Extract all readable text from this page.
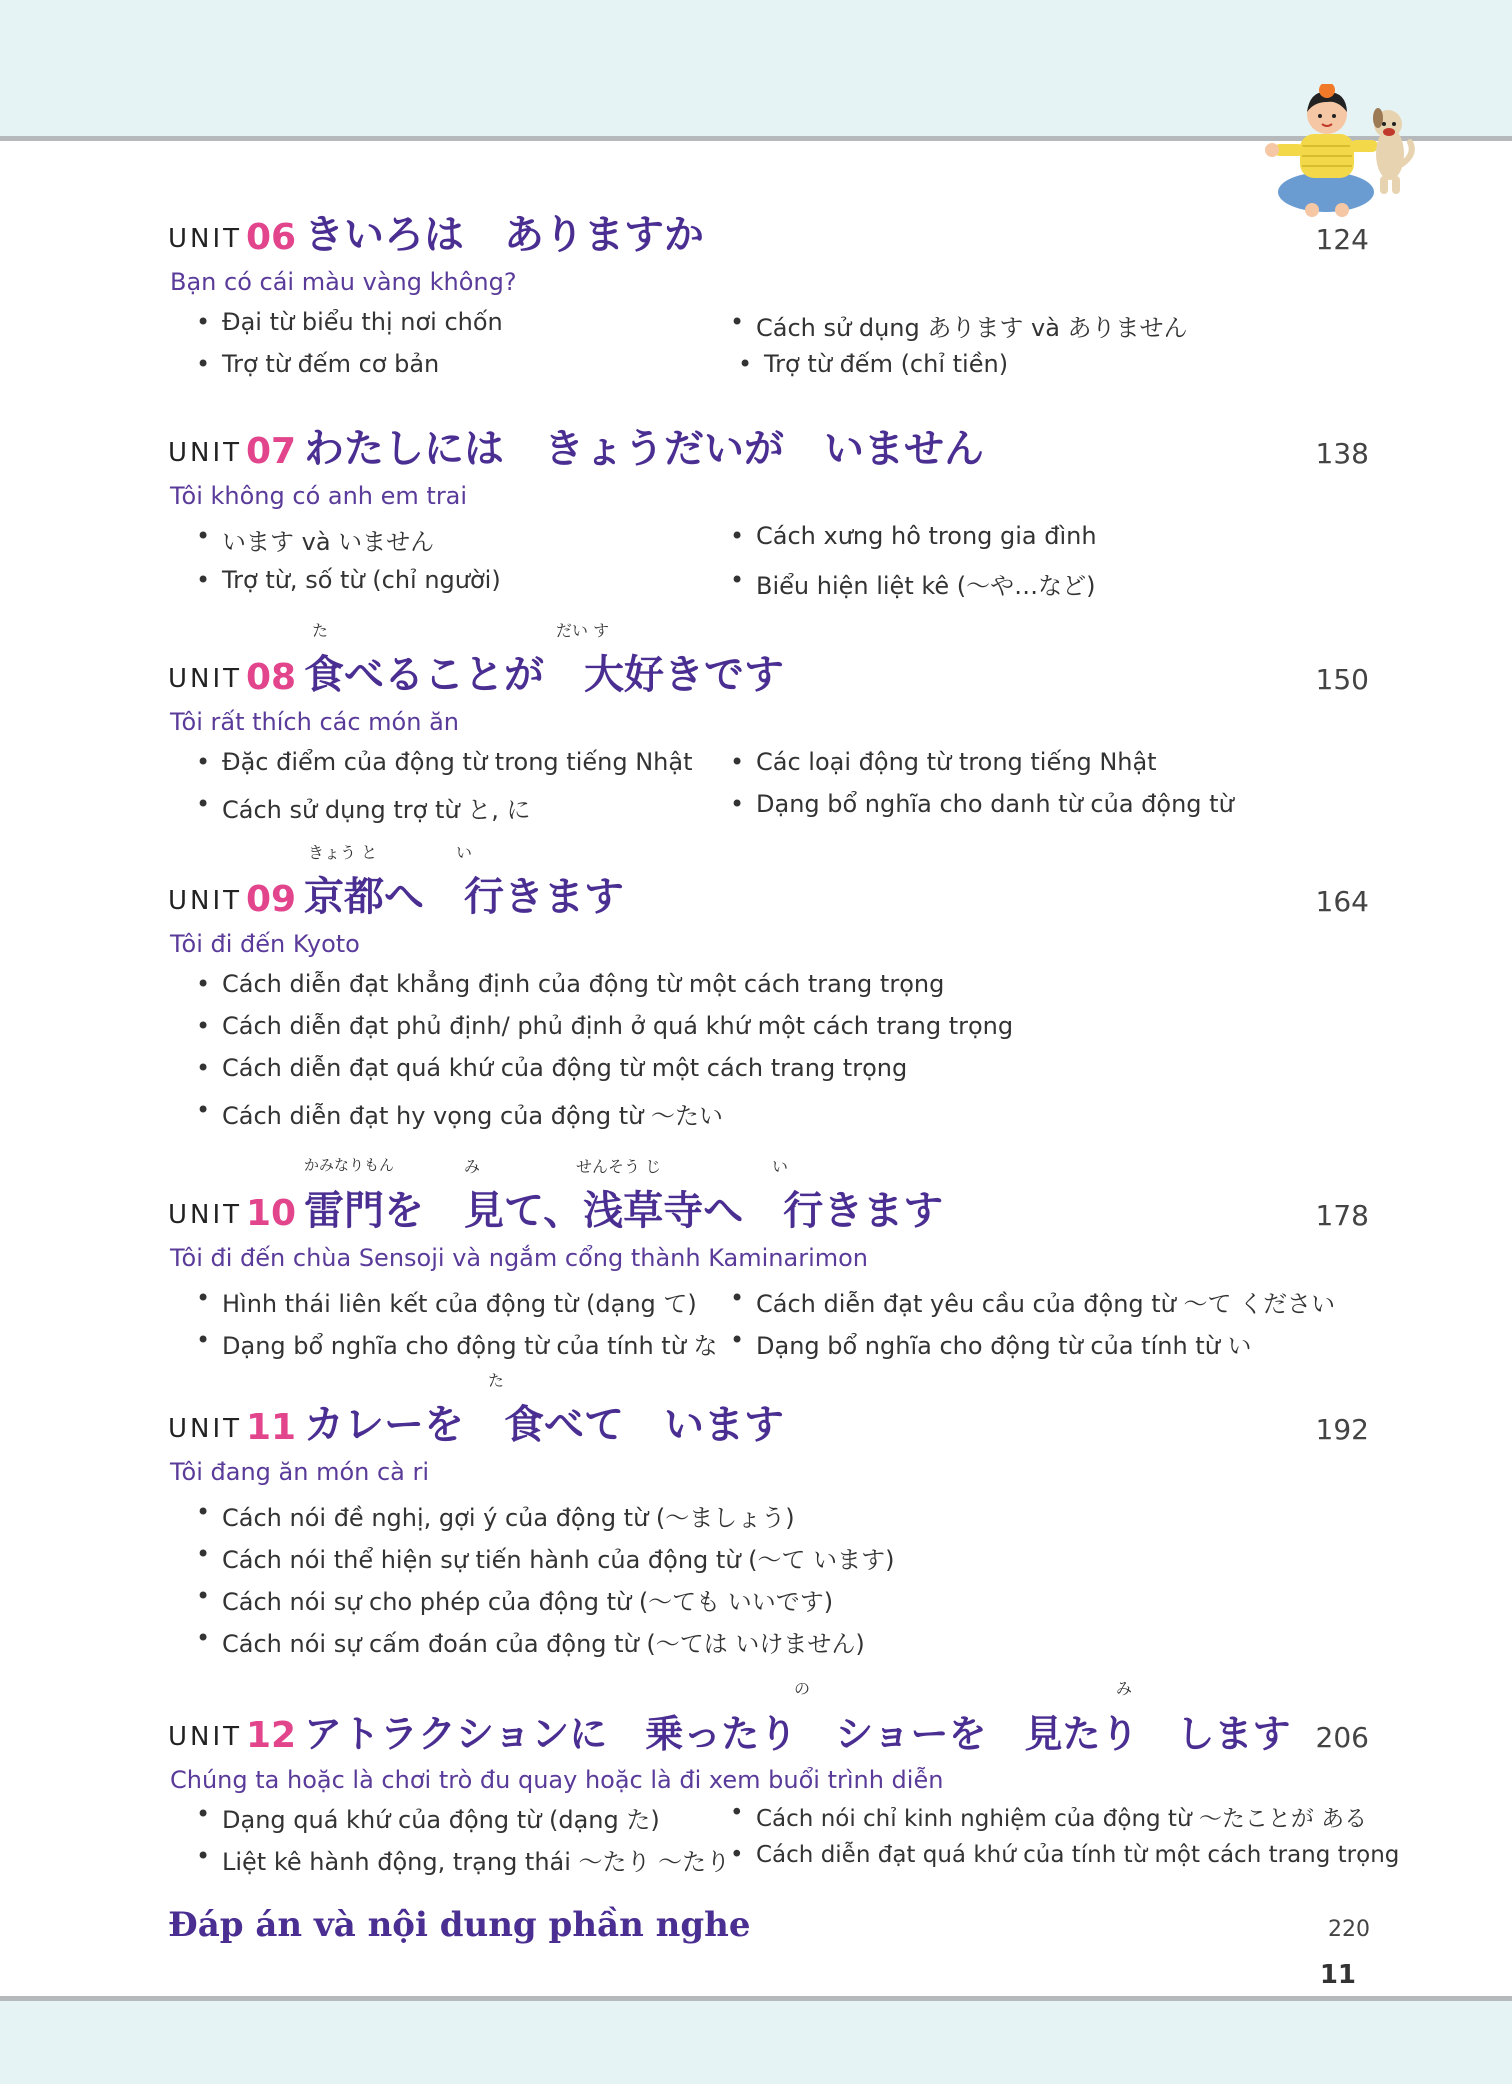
UNIT 06 きいろは　ありますか	124
Bạn có cái màu vàng không?
• Đại từ biểu thị nơi chốn	• Cách sử dụng あります và ありません
• Trợ từ đếm cơ bản	• Trợ từ đếm (chỉ tiền)
UNIT 07 わたしには　きょうだいが　いません	138
Tôi không có anh em trai
• います và いません	• Cách xưng hô trong gia đình
• Trợ từ, số từ (chỉ người)	• Biểu hiện liệt kê (〜や…など)
た	だい す
UNIT 08 食べることが　大好きです	150
Tôi rất thích các món ăn
• Đặc điểm của động từ trong tiếng Nhật	• Các loại động từ trong tiếng Nhật
• Cách sử dụng trợ từ と, に	• Dạng bổ nghĩa cho danh từ của động từ
きょう と	い
UNIT 09 京都へ　行きます	164
Tôi đi đến Kyoto
• Cách diễn đạt khẳng định của động từ một cách trang trọng
• Cách diễn đạt phủ định/ phủ định ở quá khứ một cách trang trọng
• Cách diễn đạt quá khứ của động từ một cách trang trọng
• Cách diễn đạt hy vọng của động từ 〜たい
かみなりもん	み	せんそう じ	い
UNIT 10 雷門を　見て、浅草寺へ　行きます	178
Tôi đi đến chùa Sensoji và ngắm cổng thành Kaminarimon
• Hình thái liên kết của động từ (dạng て) • Cách diễn đạt yêu cầu của động từ 〜て ください
• Dạng bổ nghĩa cho động từ của tính từ な • Dạng bổ nghĩa cho động từ của tính từ い
た
UNIT 11 カレーを　食べて　います	192
Tôi đang ăn món cà ri
• Cách nói đề nghị, gợi ý của động từ (〜ましょう)
• Cách nói thể hiện sự tiến hành của động từ (〜て います)
• Cách nói sự cho phép của động từ (〜ても いいです)
• Cách nói sự cấm đoán của động từ (〜ては いけません)
の	み
UNIT 12 アトラクションに　乗ったり　ショーを　見たり　します 206
Chúng ta hoặc là chơi trò đu quay hoặc là đi xem buổi trình diễn
• Dạng quá khứ của động từ (dạng た)	• Cách nói chỉ kinh nghiệm của động từ 〜たことが ある
• Liệt kê hành động, trạng thái 〜たり 〜たり • Cách diễn đạt quá khứ của tính từ một cách trang trọng
Đáp án và nội dung phần nghe	220
11
